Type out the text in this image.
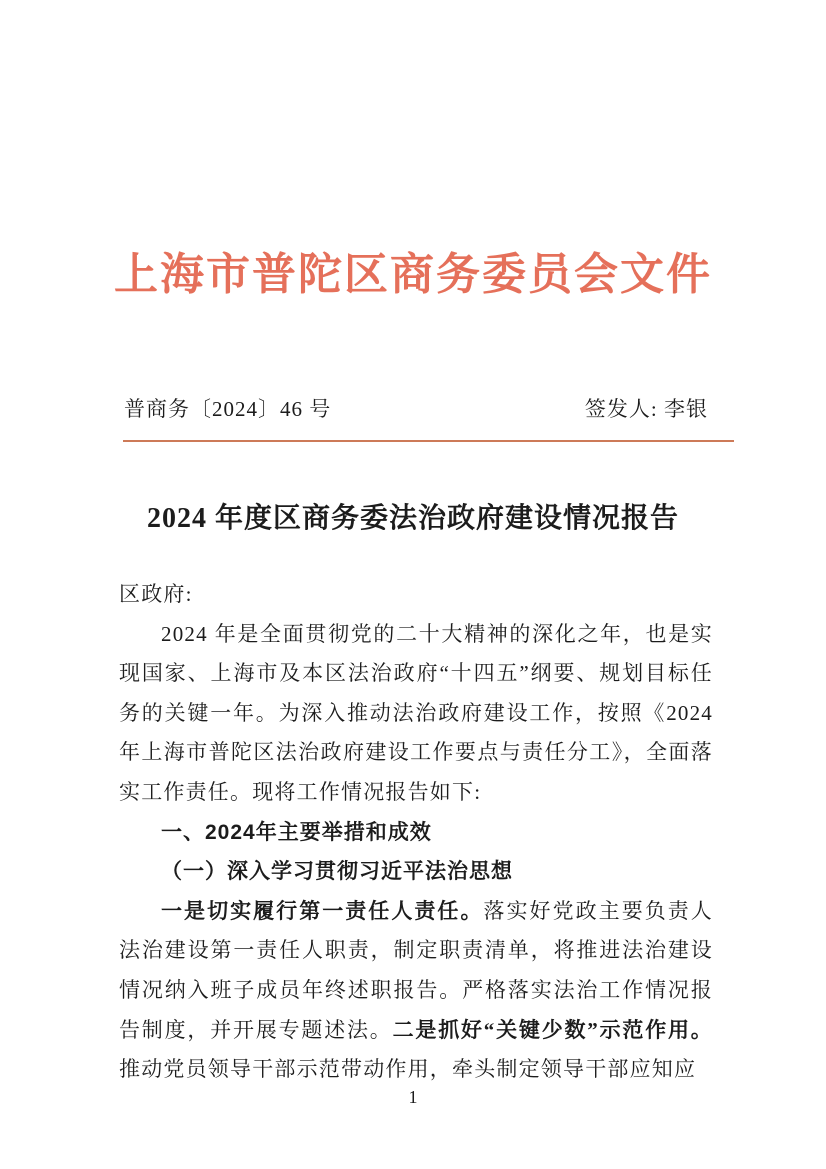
上海市普陀区商务委员会文件
普商务〔2024〕46 号	签发人: 李银
2024 年度区商务委法治政府建设情况报告

区政府:

2024 年是全面贯彻党的二十大精神的深化之年，也是实现国家、上海市及本区法治政府“十四五”纲要、规划目标任务的关键一年。为深入推动法治政府建设工作，按照《2024年上海市普陀区法治政府建设工作要点与责任分工》，全面落实工作责任。现将工作情况报告如下:

一、2024年主要举措和成效

（一）深入学习贯彻习近平法治思想

一是切实履行第一责任人责任。落实好党政主要负责人法治建设第一责任人职责，制定职责清单，将推进法治建设情况纳入班子成员年终述职报告。严格落实法治工作情况报告制度，并开展专题述法。二是抓好“关键少数”示范作用。推动党员领导干部示范带动作用，牵头制定领导干部应知应

1
